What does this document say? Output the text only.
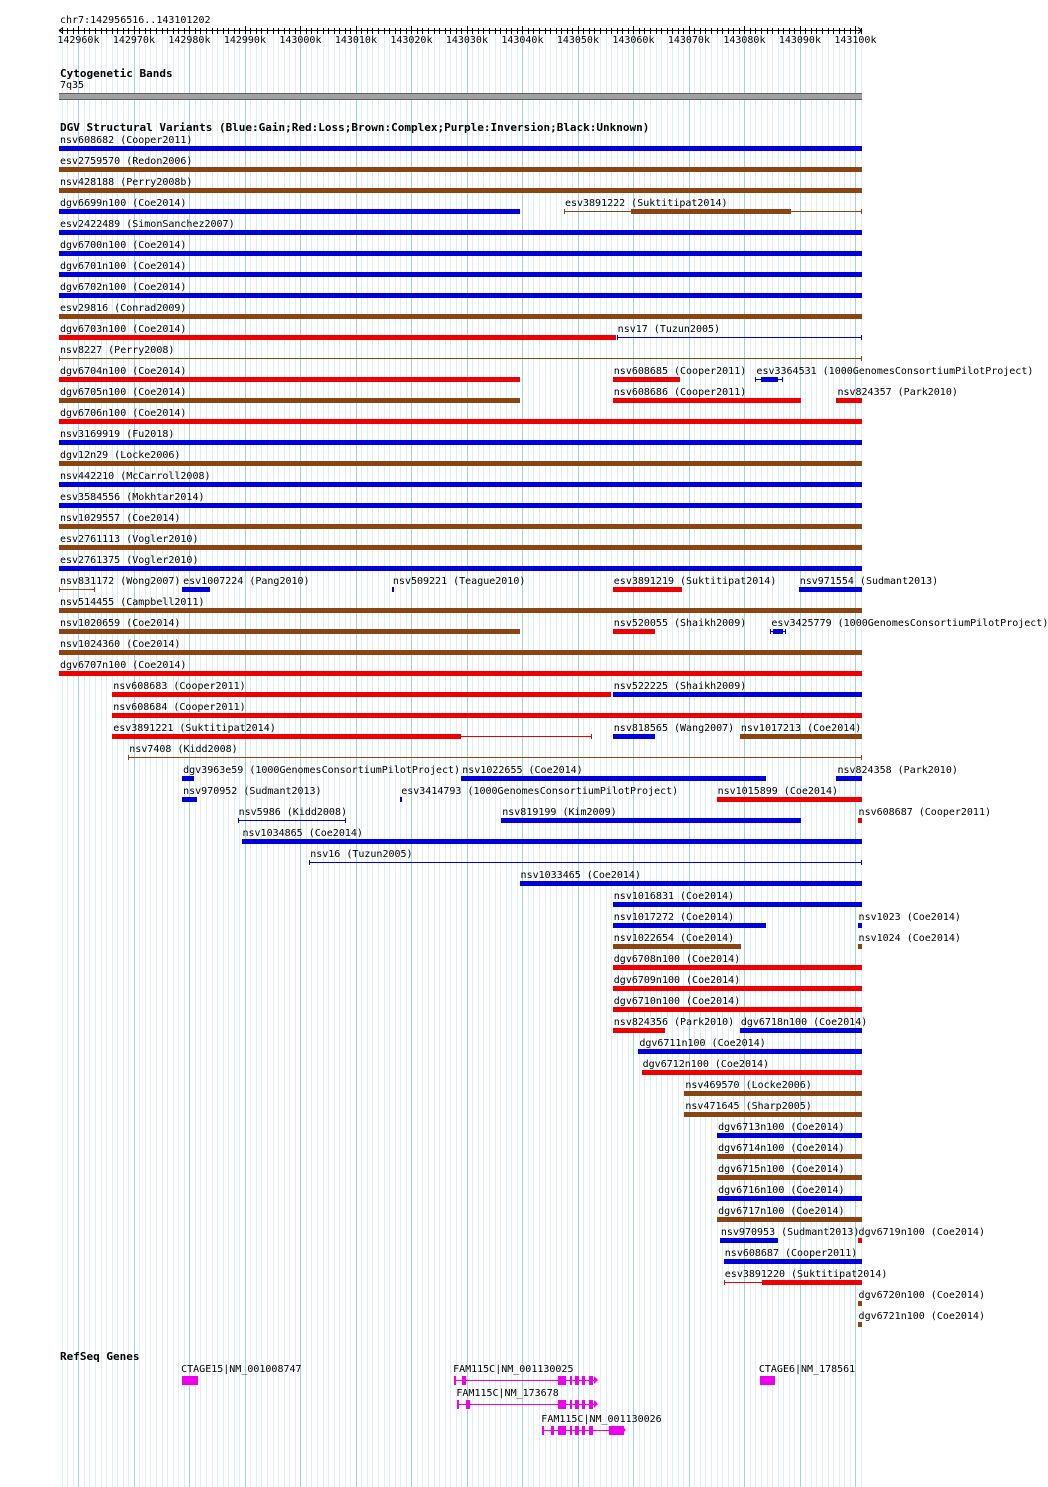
chr7:142956516..143101202
142960k 142970k 142980k 142990k 143000k 143010k 143020k 143030k 143040k 143050k 143060k 143070k 143080k 143090k 143100k
Cytogenetic Bands
7q35
DGV Structural Variants (Blue:Gain;Red:Loss;Brown:Complex;Purple:Inversion;Black:Unknown)
nsv608682 (Cooper2011)
esv2759570 (Redon2006)
nsv428188 (Perry2008b)
dgv6699n100 (Coe2014)	esv3891222 (Suktitipat2014)
esv2422489 (SimonSanchez2007)
dgv6700n100 (Coe2014)
dgv6701n100 (Coe2014)
dgv6702n100 (Coe2014)
esv29816 (Conrad2009)
dgv6703n100 (Coe2014)	nsv17 (Tuzun2005)
nsv8227 (Perry2008)
dgv6704n100 (Coe2014)	nsv608685 (Cooper2011) esv3364531 (1000GenomesConsortiumPilotProject)
dgv6705n100 (Coe2014)	nsv608686 (Cooper2011)	nsv824357 (Park2010)
dgv6706n100 (Coe2014)
nsv3169919 (Fu2018)
dgv12n29 (Locke2006)
nsv442210 (McCarroll2008)
esv3584556 (Mokhtar2014)
nsv1029557 (Coe2014)
esv2761113 (Vogler2010)
esv2761375 (Vogler2010)
nsv831172 (Wong2007) esv1007224 (Pang2010)	nsv509221 (Teague2010)	esv3891219 (Suktitipat2014) nsv971554 (Sudmant2013)
nsv514455 (Campbell2011)
nsv1020659 (Coe2014)	nsv520055 (Shaikh2009)	esv3425779 (1000GenomesConsortiumPilotProject)
nsv1024360 (Coe2014)
dgv6707n100 (Coe2014)
nsv608683 (Cooper2011)	nsv522225 (Shaikh2009)
nsv608684 (Cooper2011)
esv3891221 (Suktitipat2014)	nsv818565 (Wang2007) nsv1017213 (Coe2014)
nsv7408 (Kidd2008)
dgv3963e59 (1000GenomesConsortiumPilotProject) nsv1022655 (Coe2014)	nsv824358 (Park2010)
nsv970952 (Sudmant2013)	esv3414793 (1000GenomesConsortiumPilotProject)	nsv1015899 (Coe2014)
nsv5986 (Kidd2008)	nsv819199 (Kim2009)	nsv608687 (Cooper2011)
nsv1034865 (Coe2014)
nsv16 (Tuzun2005)
nsv1033465 (Coe2014)
nsv1016831 (Coe2014)
nsv1017272 (Coe2014)	nsv1023 (Coe2014)
nsv1022654 (Coe2014)	nsv1024 (Coe2014)
dgv6708n100 (Coe2014)
dgv6709n100 (Coe2014)
dgv6710n100 (Coe2014)
nsv824356 (Park2010) dgv6718n100 (Coe2014)
dgv6711n100 (Coe2014)
dgv6712n100 (Coe2014)
nsv469570 (Locke2006)
nsv471645 (Sharp2005)
dgv6713n100 (Coe2014)
dgv6714n100 (Coe2014)
dgv6715n100 (Coe2014)
dgv6716n100 (Coe2014)
dgv6717n100 (Coe2014)
nsv970953 (Sudmant2013) dgv6719n100 (Coe2014)
nsv608687 (Cooper2011)
esv3891220 (Suktitipat2014)
dgv6720n100 (Coe2014)
dgv6721n100 (Coe2014)
RefSeq Genes
CTAGE15|NM_001008747	FAM115C|NM_001130025
FAM115C|NM_173678
FAM115C|NM_001130026
CTAGE6|NM_178561
